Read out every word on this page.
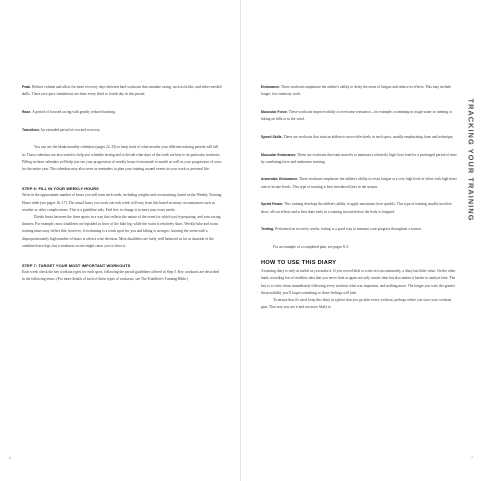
Peak. Reduce volume and allow for more recovery days between hard workouts that simulate racing, such as bricks, and either needed skills. These race-pace simulations are done every third or fourth day in this period.

Race. A period of focused racing with greatly reduced training.

Transition. An extended period of rest and recovery.

You can use the blank monthly calendars (pages 22–33) to keep track of what months your different training periods will fall in. These calendars are also useful to help you schedule testing and to decide what days of the week are best to do particular workouts. Filling in these calendars will help you see your progression of weekly hours from month to month as well as your progression of races for the entire year. The calendars may also serve as reminders to plan your training around events in your work or personal life.

STEP 6: FILL IN YOUR WEEKLY HOURS

Write in the approximate number of hours you will train each week, including weights and crosstraining, based on the Weekly Training Hours table (see pages 16–17). The actual hours you work out each week will vary from this based on many circumstances such as weather or other complications. This is a guideline only. Feel free to change it to meet your exact needs.

Divide hours between the three sports in a way that reflects the nature of the event for which you're preparing, and your racing limiters. For example, most triathletes are lopsided in favor of the bike leg, while the swim is relatively short. Weekly bike and swim training times may reflect this; however, if swimming is a weak sport for you and biking is stronger, favoring the swim with a disproportionately high number of hours is often a wise decision. Most duathletes are fairly well balanced as far as duration of the combined race legs, but a weakness in one might cause you to favor it.

STEP 7: TARGET YOUR MOST IMPORTANT WORKOUTS

Each week check the key workout types for each sport, following the period guidelines offered in Step 5. Key workouts are described in the following terms. (For more details of each of these types of workouts, see The Triathlete's Training Bible.)

6

Endurance. These workouts emphasize the athlete's ability to delay the onset of fatigue and reduce its effects. This may include longer, low-intensity work.

Muscular Force. These workouts improve ability to overcome resistance—for example, swimming in rough water or running or biking on hills or in the wind.

Speed Skills. These are workouts that train an athlete to move effectively in each sport, usually emphasizing form and technique.

Muscular Endurance. These are workouts that train muscles to maintain a relatively high force load for a prolonged period of time by combining force and endurance training.

Anaerobic Endurance. These workouts emphasize the athlete's ability to resist fatigue at a very high level of effort with high heart rate or lactate levels. This type of training is best introduced later in the season.

Sprint Power. This training develops the athlete's ability to apply maximum force quickly. This type of training usually involves short, all-out efforts and is best done early in a training session before the body is fatigued.

Testing. Performed on recovery weeks, testing is a good way to measure your progress throughout a season.

For an example of a completed plan, see pages 8–9.

HOW TO USE THIS DIARY

A training diary is only as useful as you make it. If you record little or write in it inconsistently, a diary has little value. On the other hand, recording lots of needless data that you never look at again not only wastes time but also makes it harder to analyze later. The key is to write down immediately following every workout what was important, and nothing more. The longer you wait, the greater the possibility you'll forget something or those feelings will fade.

To ensure that it's used, keep this diary in a place that you go after every workout, perhaps where you store your workout gear. That way you see it and are more likely to

TRACKING YOUR TRAINING
7
